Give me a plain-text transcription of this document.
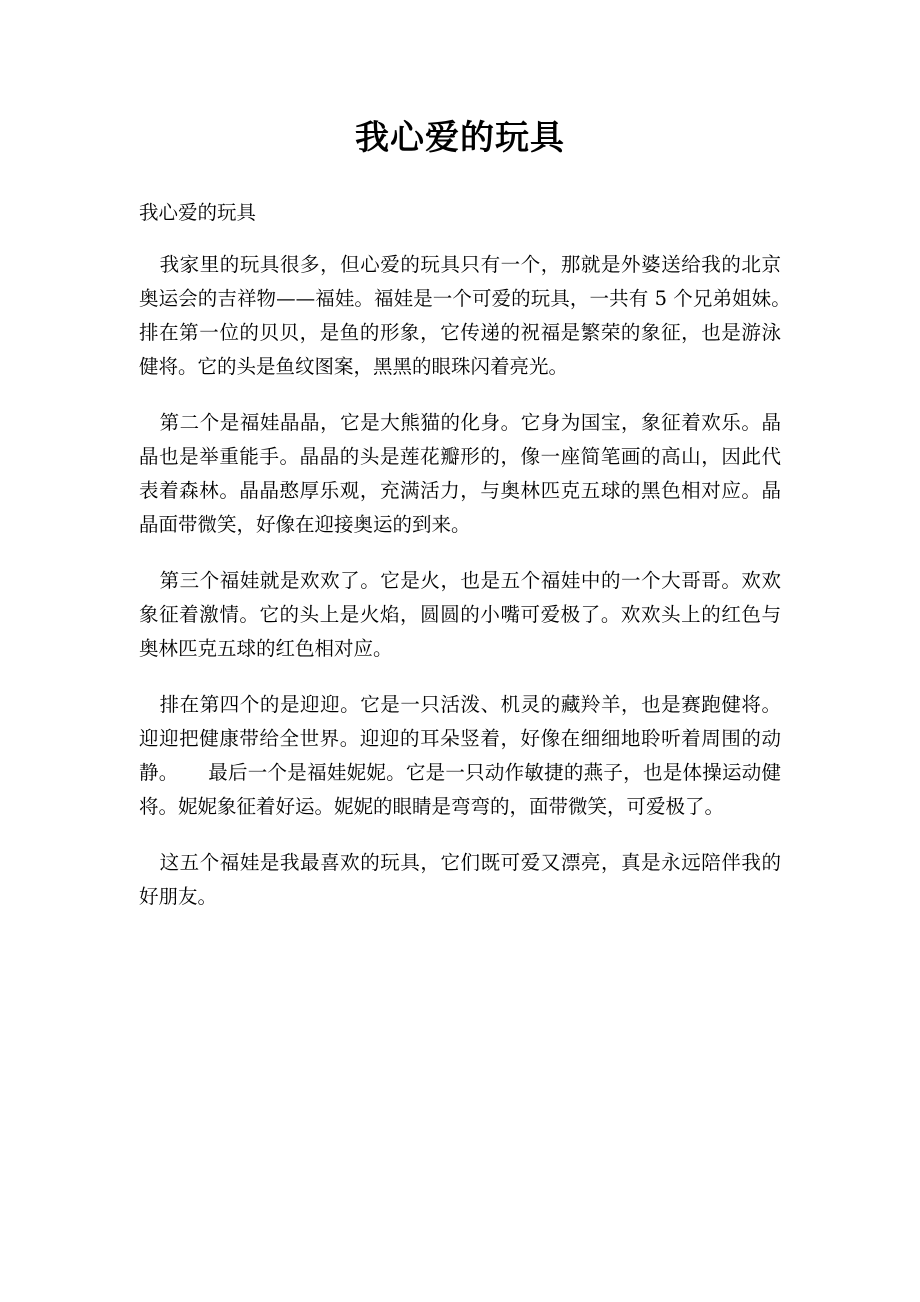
我心爱的玩具

我心爱的玩具

我家里的玩具很多，但心爱的玩具只有一个，那就是外婆送给我的北京奥运会的吉祥物——福娃。福娃是一个可爱的玩具，一共有 5 个兄弟姐妹。　　排在第一位的贝贝，是鱼的形象，它传递的祝福是繁荣的象征，也是游泳健将。它的头是鱼纹图案，黑黑的眼珠闪着亮光。

第二个是福娃晶晶，它是大熊猫的化身。它身为国宝，象征着欢乐。晶晶也是举重能手。晶晶的头是莲花瓣形的，像一座简笔画的高山，因此代表着森林。晶晶憨厚乐观，充满活力，与奥林匹克五球的黑色相对应。晶晶面带微笑，好像在迎接奥运的到来。

第三个福娃就是欢欢了。它是火，也是五个福娃中的一个大哥哥。欢欢象征着激情。它的头上是火焰，圆圆的小嘴可爱极了。欢欢头上的红色与奥林匹克五球的红色相对应。

排在第四个的是迎迎。它是一只活泼、机灵的藏羚羊，也是赛跑健将。迎迎把健康带给全世界。迎迎的耳朵竖着，好像在细细地聆听着周围的动静。　　最后一个是福娃妮妮。它是一只动作敏捷的燕子，也是体操运动健将。妮妮象征着好运。妮妮的眼睛是弯弯的，面带微笑，可爱极了。

这五个福娃是我最喜欢的玩具，它们既可爱又漂亮，真是永远陪伴我的好朋友。
